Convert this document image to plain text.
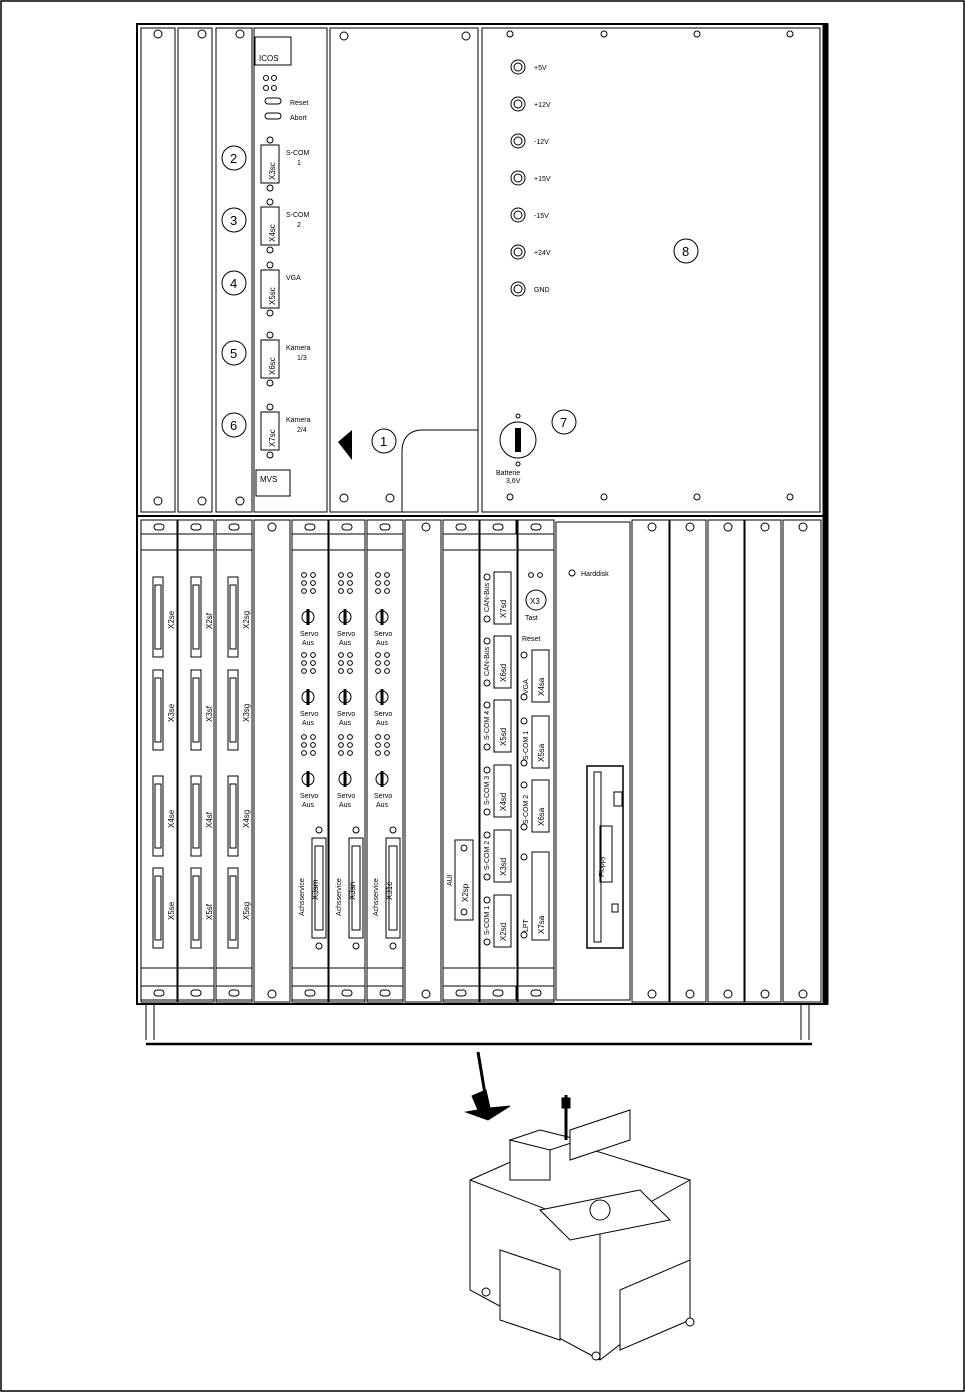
ICOS
Reset
Abort
X3sc
S-COM
1
2
X4sc
S-COM
2
3
X5sc
VGA
4
X6sc
Kamera
1/3
5
X7sc
Kamera
2/4
6
MVS
1
+5V
+12V
-12V
+15V
-15V
+24V
GND
8
Batterie
3,6V
7
X2se
X3se
X4se
X5se
X2sf
X3sf
X4sf
X5sf
X2sg
X3sg
X4sg
X5sg
Servo
Aus
Servo
Aus
Servo
Aus
Achsservice X3sm
Servo
Aus
Servo
Aus
Servo
Aus
Achsservice X3sn
Servo
Aus
Servo
Aus
Servo
Aus
Achsservice X31c	X2sp
AUI
X7sd
CAN-Bus
X6sd
CAN-Bus
X5sd
S-COM 4
X4sd
S-COM 3
X3sd
S-COM 2
X2sd
S-COM 1
X3
Tast
Reset
X4sa
VGA
X5sa
S-COM 1
X6sa
S-COM 2
X7sa
LPT
Harddisk
Floppy
